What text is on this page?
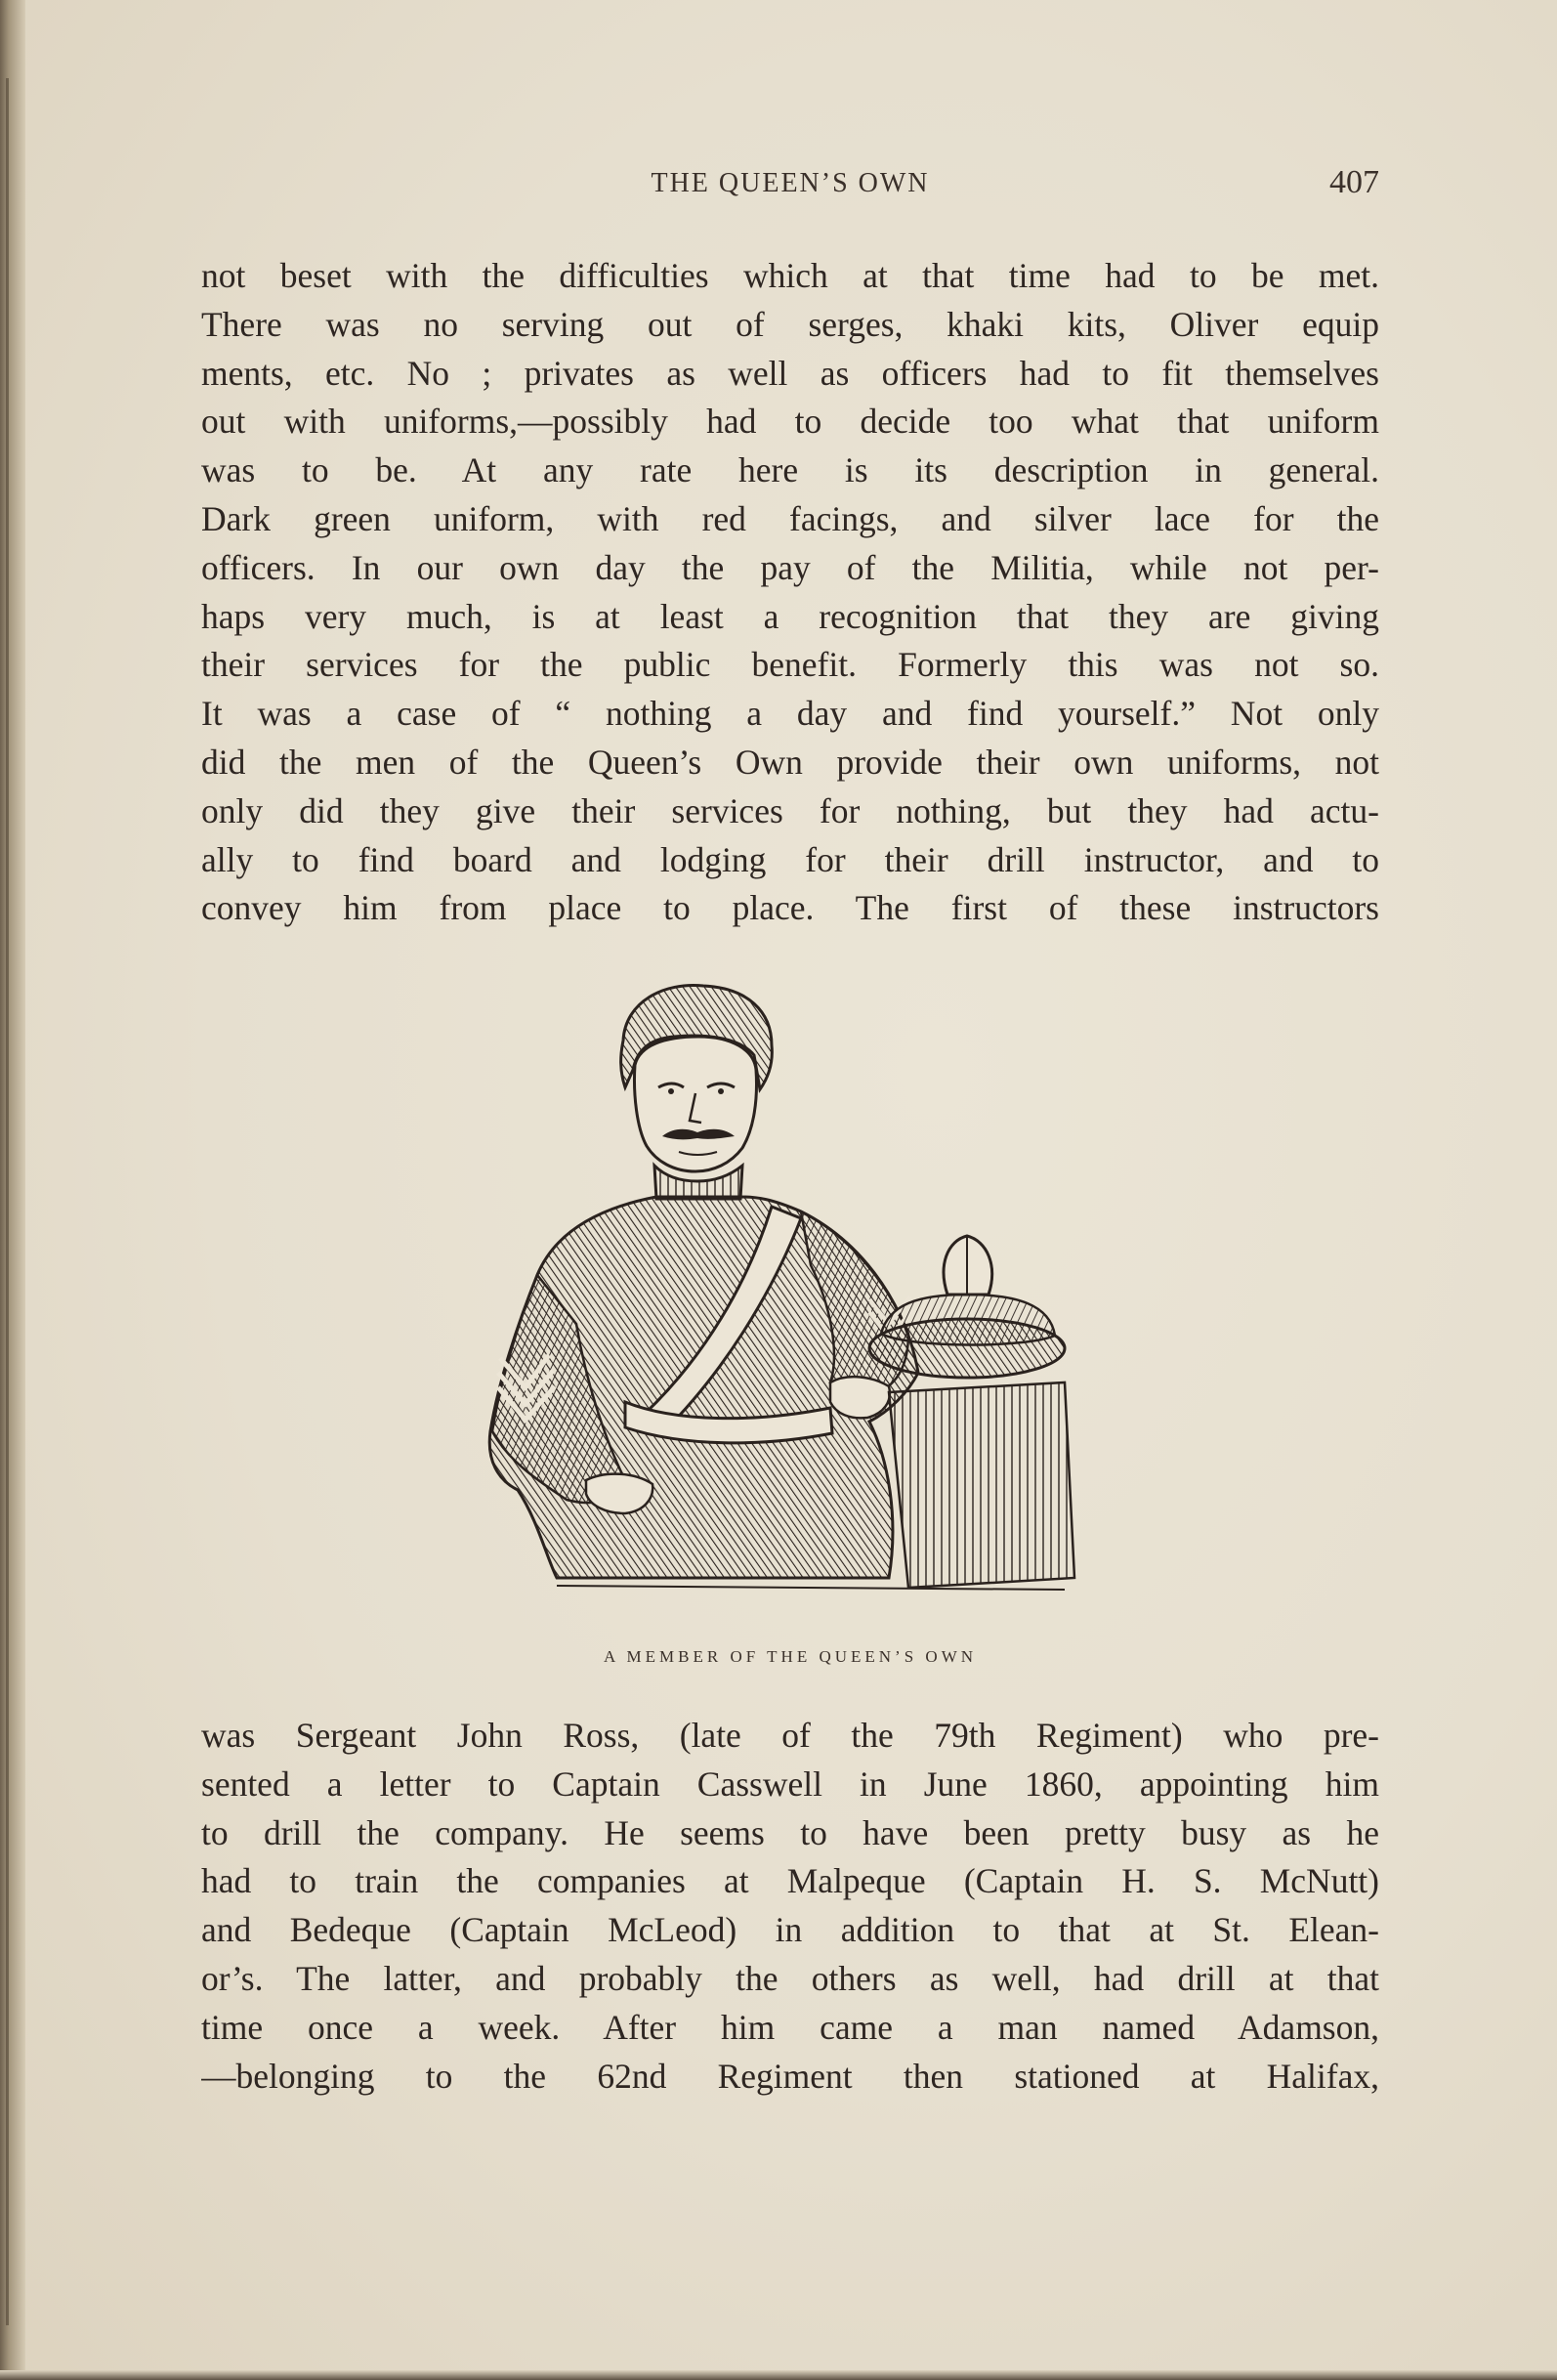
THE QUEEN’S OWN	407
not beset with the difficulties which at that time had to be met.
There was no serving out of serges, khaki kits, Oliver equip
ments, etc. No ; privates as well as officers had to fit themselves
out with uniforms,—possibly had to decide too what that uniform
was to be. At any rate here is its description in general.
Dark green uniform, with red facings, and silver lace for the
officers. In our own day the pay of the Militia, while not per-
haps very much, is at least a recognition that they are giving
their services for the public benefit. Formerly this was not so.
It was a case of “ nothing a day and find yourself.” Not only
did the men of the Queen’s Own provide their own uniforms, not
only did they give their services for nothing, but they had actu-
ally to find board and lodging for their drill instructor, and to
convey him from place to place. The first of these instructors
A MEMBER OF THE QUEEN’S OWN
was Sergeant John Ross, (late of the 79th Regiment) who pre-
sented a letter to Captain Casswell in June 1860, appointing him
to drill the company. He seems to have been pretty busy as he
had to train the companies at Malpeque (Captain H. S. McNutt)
and Bedeque (Captain McLeod) in addition to that at St. Elean-
or’s. The latter, and probably the others as well, had drill at that
time once a week. After him came a man named Adamson,
—belonging to the 62nd Regiment then stationed at Halifax,
